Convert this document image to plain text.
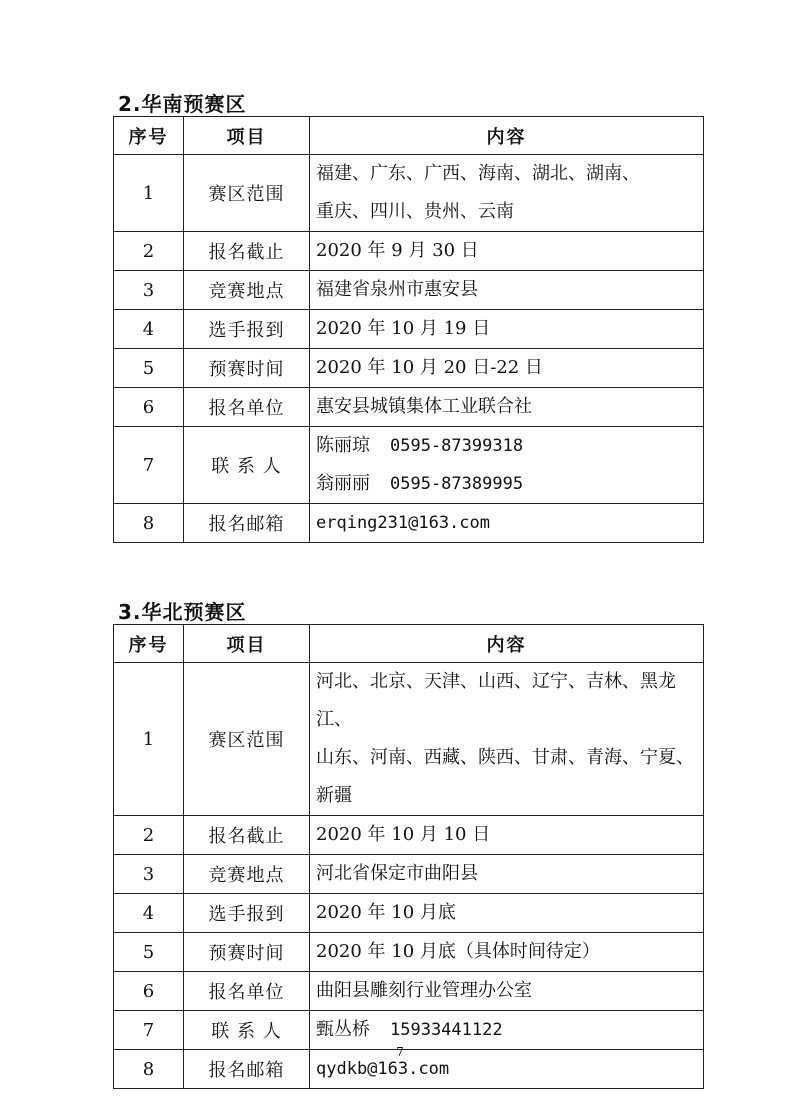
2.华南预赛区
序号	项目	内容
1	赛区范围	福建、广东、广西、海南、湖北、湖南、
重庆、四川、贵州、云南

2	报名截止	2020 年 9 月 30 日
3	竞赛地点	福建省泉州市惠安县
4	选手报到	2020 年 10 月 19 日
5	预赛时间	2020 年 10 月 20 日-22 日
6	报名单位	惠安县城镇集体工业联合社
7	联 系 人	陈丽琼 0595-87399318
翁丽丽 0595-87389995

8	报名邮箱	erqing231@163.com
3.华北预赛区
序号	项目	内容
1	赛区范围	河北、北京、天津、山西、辽宁、吉林、黑龙江、
山东、河南、西藏、陕西、甘肃、青海、宁夏、
新疆

2	报名截止	2020 年 10 月 10 日
3	竞赛地点	河北省保定市曲阳县
4	选手报到	2020 年 10 月底
5	预赛时间	2020 年 10 月底（具体时间待定）
6	报名单位	曲阳县雕刻行业管理办公室
7	联 系 人	甄丛桥 15933441122
8	报名邮箱	qydkb@163.com
7
